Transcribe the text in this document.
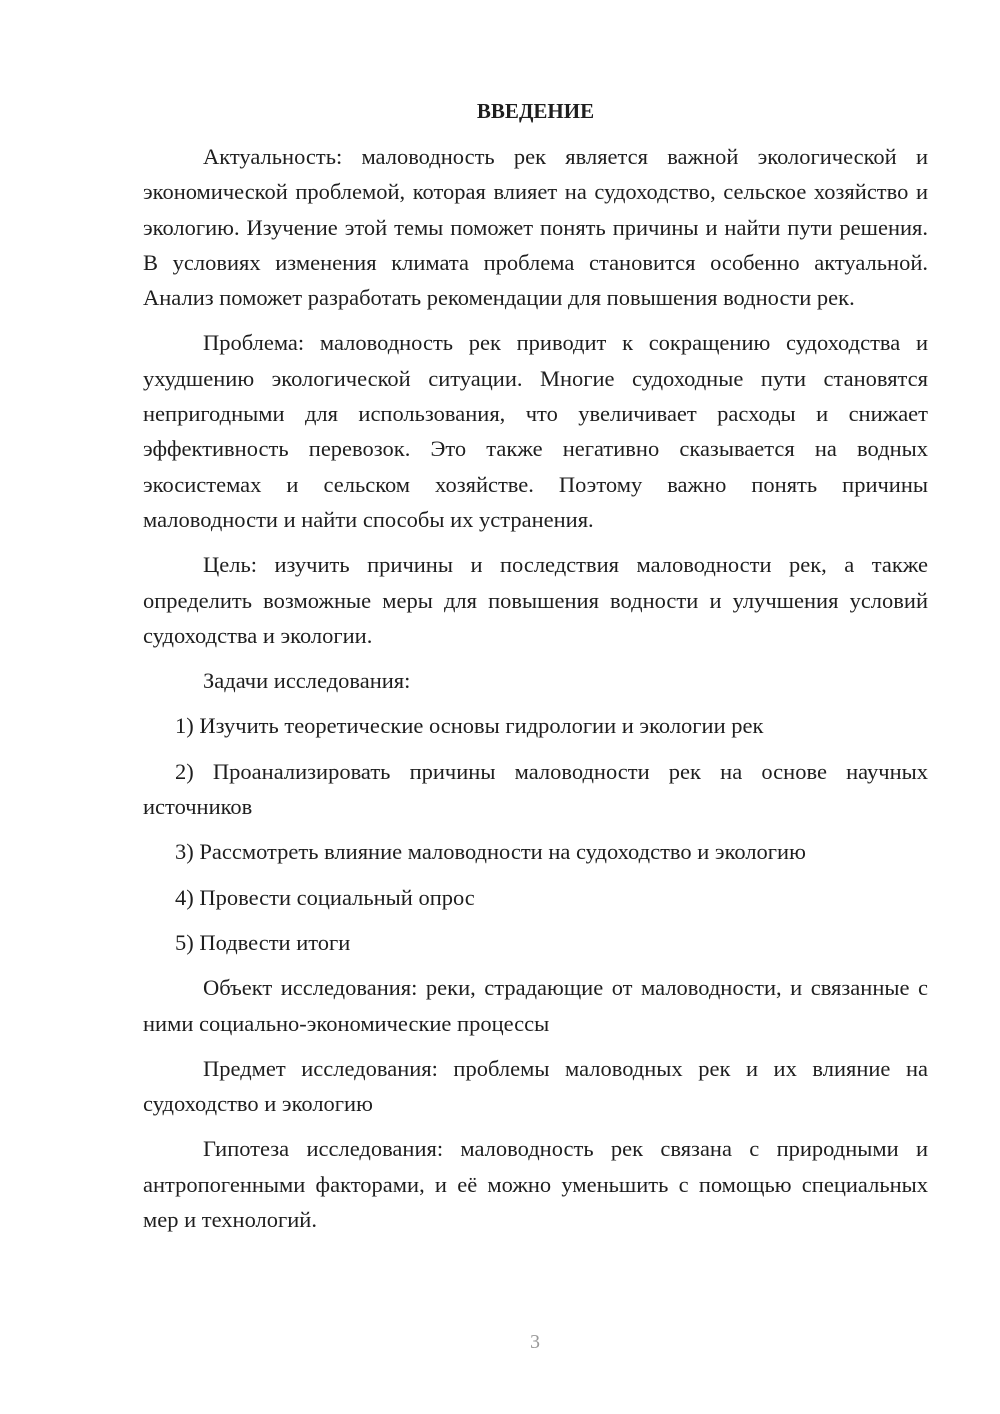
ВВЕДЕНИЕ

Актуальность: маловодность рек является важной экологической и экономической проблемой, которая влияет на судоходство, сельское хозяйство и экологию. Изучение этой темы поможет понять причины и найти пути решения. В условиях изменения климата проблема становится особенно актуальной. Анализ поможет разработать рекомендации для повышения водности рек.

Проблема: маловодность рек приводит к сокращению судоходства и ухудшению экологической ситуации. Многие судоходные пути становятся непригодными для использования, что увеличивает расходы и снижает эффективность перевозок. Это также негативно сказывается на водных экосистемах и сельском хозяйстве. Поэтому важно понять причины маловодности и найти способы их устранения.

Цель: изучить причины и последствия маловодности рек, а также определить возможные меры для повышения водности и улучшения условий судоходства и экологии.

Задачи исследования:

1) Изучить теоретические основы гидрологии и экологии рек

2) Проанализировать причины маловодности рек на основе научных источников

3) Рассмотреть влияние маловодности на судоходство и экологию

4) Провести социальный опрос

5) Подвести итоги

Объект исследования: реки, страдающие от маловодности, и связанные с ними социально-экономические процессы

Предмет исследования: проблемы маловодных рек и их влияние на судоходство и экологию

Гипотеза исследования: маловодность рек связана с природными и антропогенными факторами, и её можно уменьшить с помощью специальных мер и технологий.

3
